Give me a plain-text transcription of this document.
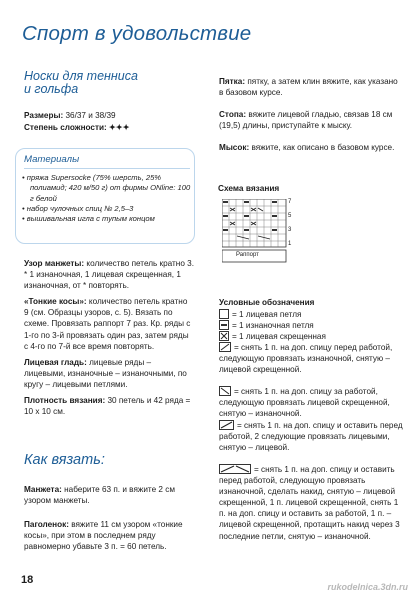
Спорт в удовольствие
Носки для тенниса
и гольфа
Размеры: 36/37 и 38/39
Степень сложности: ✦✦✦
Материалы
• пряжа Supersocke (75% шерсть, 25% полиамид; 420 м/50 г) от фирмы ONline: 100 г белой
• набор чулочных спиц № 2,5–3
• вышивальная игла с тупым концом

Узор манжеты: количество петель кратно 3. * 1 изнаночная, 1 лицевая скрещенная, 1 изнаночная, от * повторять.

«Тонкие косы»: количество петель кратно 9 (см. Образцы узоров, с. 5). Вязать по схеме. Провязать раппорт 7 раз. Кр. ряды с 1-го по 3-й провязать один раз, затем ряды с 4-го по 7-й все время повторять.

Лицевая гладь: лицевые ряды – лицевыми, изнаночные – изнаночными, по кругу – лицевыми петлями.

Плотность вязания: 30 петель и 42 ряда = 10 x 10 см.

Как вязать:

Манжета: наберите 63 п. и вяжите 2 см узором манжеты.

Паголенок: вяжите 11 см узором «тонкие косы», при этом в последнем ряду равномерно убавьте 3 п. = 60 петель.

Пятка: пятку, а затем клин вяжите, как указано в базовом курсе.

Стопа: вяжите лицевой гладью, связав 18 см (19,5) длины, приступайте к мыску.

Мысок: вяжите, как описано в базовом курсе.

Схема вязания
7
5
3
1
Раппорт
Условные обозначения
= 1 лицевая петля
= 1 изнаночная петля
= 1 лицевая скрещенная
= снять 1 п. на доп. спицу перед работой, следующую провязать изнаночной, снятую – лицевой скрещенной.
= снять 1 п. на доп. спицу за работой, следующую провязать лицевой скрещенной, снятую – изнаночной.
= снять 1 п. на доп. спицу и оставить перед работой, 2 следующие провязать лицевыми, снятую – лицевой.
= снять 1 п. на доп. спицу и оставить перед работой, следующую провязать изнаночной, сделать накид, снятую – лицевой скрещенной, 1 п. лицевой скрещенной, снять 1 п. на доп. спицу и оставить за работой, 1 п. – лицевой скрещенной, протащить накид через 3 последние петли, снятую – изнаночной.
18
rukodelnica.3dn.ru
